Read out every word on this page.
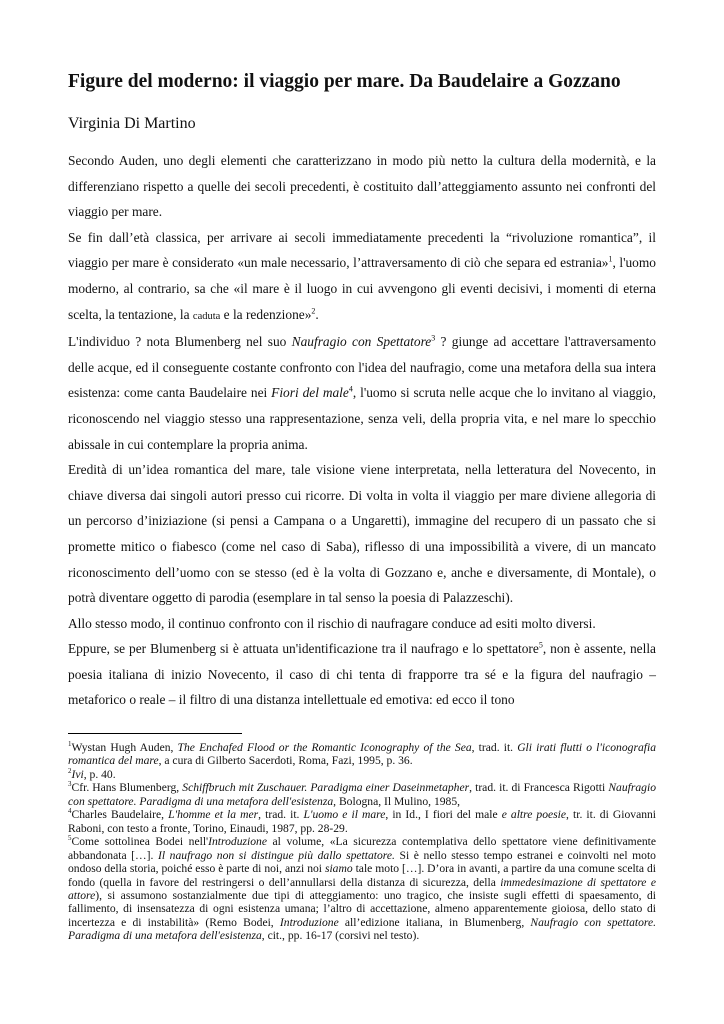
Figure del moderno: il viaggio per mare. Da Baudelaire a Gozzano
Virginia Di Martino

Secondo Auden, uno degli elementi che caratterizzano in modo più netto la cultura della modernità, e la differenziano rispetto a quelle dei secoli precedenti, è costituito dall’atteggiamento assunto nei confronti del viaggio per mare.

Se fin dall’età classica, per arrivare ai secoli immediatamente precedenti la “rivoluzione romantica”, il viaggio per mare è considerato «un male necessario, l’attraversamento di ciò che separa ed estrania»$^1$, l'uomo moderno, al contrario, sa che «il mare è il luogo in cui avvengono gli eventi decisivi, i momenti di eterna scelta, la tentazione, la caduta e la redenzione»$^2$.

L'individuo ? nota Blumenberg nel suo Naufragio con Spettatore$^3$ ? giunge ad accettare l'attraversamento delle acque, ed il conseguente costante confronto con l'idea del naufragio, come una metafora della sua intera esistenza: come canta Baudelaire nei Fiori del male$^4$, l'uomo si scruta nelle acque che lo invitano al viaggio, riconoscendo nel viaggio stesso una rappresentazione, senza veli, della propria vita, e nel mare lo specchio abissale in cui contemplare la propria anima.

Eredità di un’idea romantica del mare, tale visione viene interpretata, nella letteratura del Novecento, in chiave diversa dai singoli autori presso cui ricorre. Di volta in volta il viaggio per mare diviene allegoria di un percorso d’iniziazione (si pensi a Campana o a Ungaretti), immagine del recupero di un passato che si promette mitico o fiabesco (come nel caso di Saba), riflesso di una impossibilità a vivere, di un mancato riconoscimento dell’uomo con se stesso (ed è la volta di Gozzano e, anche e diversamente, di Montale), o potrà diventare oggetto di parodia (esemplare in tal senso la poesia di Palazzeschi).

Allo stesso modo, il continuo confronto con il rischio di naufragare conduce ad esiti molto diversi.

Eppure, se per Blumenberg si è attuata un'identificazione tra il naufrago e lo spettatore$^5$, non è assente, nella poesia italiana di inizio Novecento, il caso di chi tenta di frapporre tra sé e la figura del naufragio – metaforico o reale – il filtro di una distanza intellettuale ed emotiva: ed ecco il tono

$^1$Wystan Hugh Auden, The Enchafed Flood or the Romantic Iconography of the Sea, trad. it. Gli irati flutti o l'iconografia romantica del mare, a cura di Gilberto Sacerdoti, Roma, Fazi, 1995, p. 36.

$^2$Ivi, p. 40.

$^3$Cfr. Hans Blumenberg, Schiffbruch mit Zuschauer. Paradigma einer Daseinmetapher, trad. it. di Francesca Rigotti Naufragio con spettatore. Paradigma di una metafora dell'esistenza, Bologna, Il Mulino, 1985,

$^4$Charles Baudelaire, L'homme et la mer, trad. it. L'uomo e il mare, in Id., I fiori del male e altre poesie, tr. it. di Giovanni Raboni, con testo a fronte, Torino, Einaudi, 1987, pp. 28-29.

$^5$Come sottolinea Bodei nell'Introduzione al volume, «La sicurezza contemplativa dello spettatore viene definitivamente abbandonata […]. Il naufrago non si distingue più dallo spettatore. Si è nello stesso tempo estranei e coinvolti nel moto ondoso della storia, poiché esso è parte di noi, anzi noi siamo tale moto […]. D’ora in avanti, a partire da una comune scelta di fondo (quella in favore del restringersi o dell’annullarsi della distanza di sicurezza, della immedesimazione di spettatore e attore), si assumono sostanzialmente due tipi di atteggiamento: uno tragico, che insiste sugli effetti di spaesamento, di fallimento, di insensatezza di ogni esistenza umana; l’altro di accettazione, almeno apparentemente gioiosa, dello stato di incertezza e di instabilità» (Remo Bodei, Introduzione all’edizione italiana, in Blumenberg, Naufragio con spettatore. Paradigma di una metafora dell'esistenza, cit., pp. 16-17 (corsivi nel testo).
